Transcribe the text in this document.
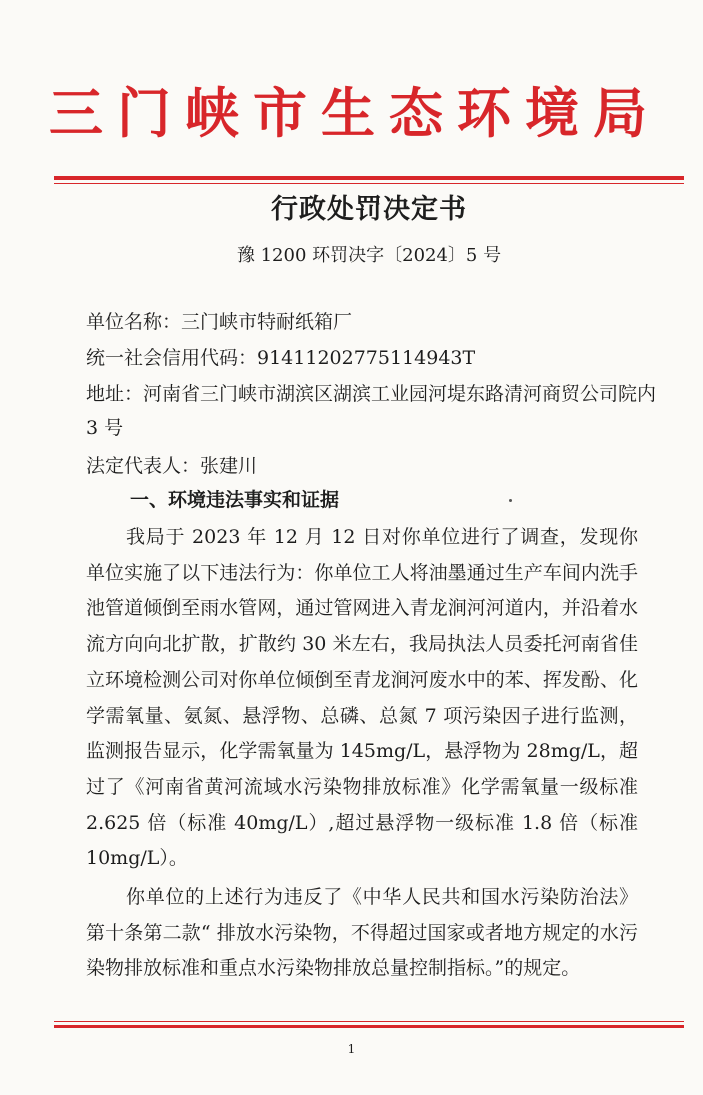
三门峡市生态环境局
行政处罚决定书
豫 1200 环罚决字〔2024〕5 号
单位名称：三门峡市特耐纸箱厂
统一社会信用代码：91411202775114943T
地址：河南省三门峡市湖滨区湖滨工业园河堤东路清河商贸公司院内 3 号
法定代表人：张建川
一、环境违法事实和证据
我局于 2023 年 12 月 12 日对你单位进行了调查，发现你单位实施了以下违法行为：你单位工人将油墨通过生产车间内洗手池管道倾倒至雨水管网，通过管网进入青龙涧河河道内，并沿着水流方向向北扩散，扩散约 30 米左右，我局执法人员委托河南省佳立环境检测公司对你单位倾倒至青龙涧河废水中的苯、挥发酚、化学需氧量、氨氮、悬浮物、总磷、总氮 7 项污染因子进行监测，监测报告显示，化学需氧量为 145mg/L，悬浮物为 28mg/L，超过了《河南省黄河流域水污染物排放标准》化学需氧量一级标准 2.625 倍（标准 40mg/L）,超过悬浮物一级标准 1.8 倍（标准 10mg/L）。
你单位的上述行为违反了《中华人民共和国水污染防治法》第十条第二款“ 排放水污染物，不得超过国家或者地方规定的水污染物排放标准和重点水污染物排放总量控制指标。”的规定。
1
